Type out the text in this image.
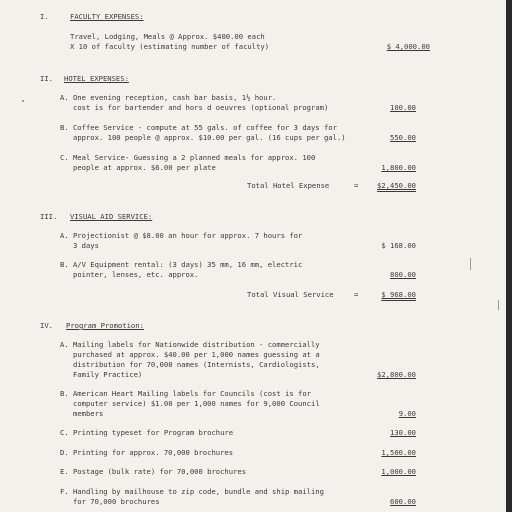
I.	FACULTY EXPENSES:
Travel, Lodging, Meals @ Approx. $400.00 each
X 10 of faculty (estimating number of faculty)	$ 4,000.00
II. HOTEL EXPENSES:
A. One evening reception, cash bar basis, 1½ hour.
cost is for bartender and hors d oeuvres (optional program)	100.00
B. Coffee Service - compute at 55 gals. of coffee for 3 days for
approx. 100 people @ approx. $10.00 per gal. (16 cups per gal.)	550.00
C. Meal Service- Guessing a 2 planned meals for approx. 100
people at approx. $6.00 per plate	1,800.00
Total Hotel Expense	=	$2,450.00
III. VISUAL AID SERVICE:
A. Projectionist @ $8.00 an hour for approx. 7 hours for
3 days	$ 168.00
B. A/V Equipment rental: (3 days) 35 mm, 16 mm, electric
pointer, lenses, etc. approx.	800.00
Total Visual Service	=	$ 968.00
IV. Program Promotion:
A. Mailing labels for Nationwide distribution - commercially
purchased at approx. $40.00 per 1,000 names guessing at a
distribution for 70,000 names (Internists, Cardiologists,
Family Practice)	$2,800.00
B. American Heart Mailing labels for Councils (cost is for
computer service) $1.00 per 1,000 names for 9,000 Council
members	9.00
C. Printing typeset for Program brochure	130.00
D. Printing for approx. 70,000 brochures	1,500.00
E. Postage (bulk rate) for 70,000 brochures	1,000.00
F. Handling by mailhouse to zip code, bundle and ship mailing
for 70,000 brochures	600.00
